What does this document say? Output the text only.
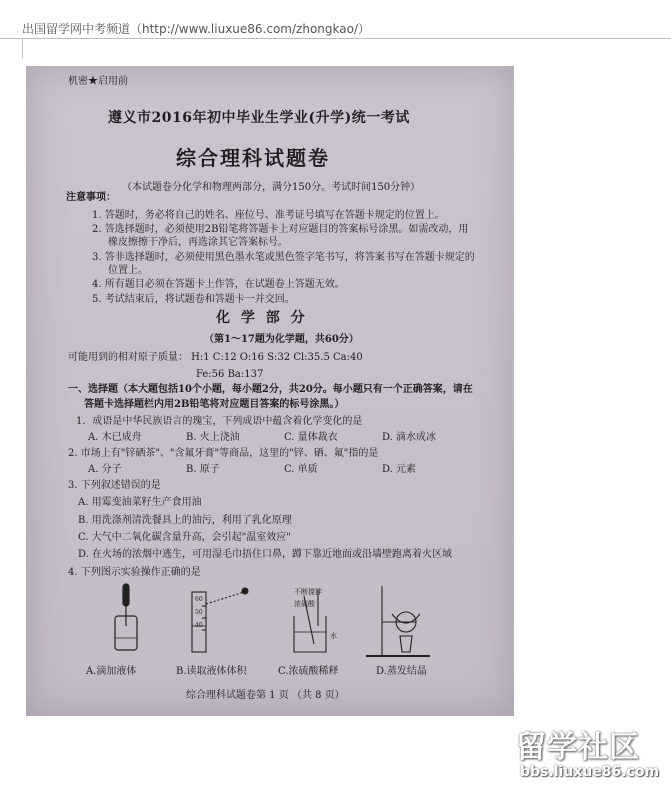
出国留学网中考频道（http://www.liuxue86.com/zhongkao/）
机密★启用前
遵义市2016年初中毕业生学业(升学)统一考试
综合理科试题卷
（本试题卷分化学和物理两部分，满分150分。考试时间150分钟）
注意事项：
1. 答题时，务必将自己的姓名、座位号、准考证号填写在答题卡规定的位置上。
2. 答选择题时，必须使用2B铅笔将答题卡上对应题目的答案标号涂黑。如需改动，用
橡皮擦擦干净后，再选涂其它答案标号。
3. 答非选择题时，必须使用黑色墨水笔或黑色签字笔书写，将答案书写在答题卡规定的
位置上。
4. 所有题目必须在答题卡上作答，在试题卷上答题无效。
5. 考试结束后，将试题卷和答题卡一并交回。
化 学 部 分
（第1～17题为化学题，共60分）
可能用到的相对原子质量： H:1 C:12 O:16 S:32 Cl:35.5 Ca:40
Fe:56 Ba:137
一、选择题（本大题包括10个小题，每小题2分，共20分。每小题只有一个正确答案，请在
答题卡选择题栏内用2B铅笔将对应题目答案的标号涂黑。）
1．成语是中华民族语言的瑰宝，下列成语中蕴含着化学变化的是
A. 木已成舟	B. 火上浇油	C. 量体裁衣	D. 滴水成冰
2. 市场上有"锌硒茶"、"含氟牙膏"等商品，这里的"锌、硒、氟"指的是
A. 分子	B. 原子	C. 单质	D. 元素
3. 下列叙述错误的是
A. 用霉变油菜籽生产食用油
B. 用洗涤剂清洗餐具上的油污，利用了乳化原理
C. 大气中二氧化碳含量升高，会引起"温室效应"
D. 在火场的浓烟中逃生，可用湿毛巾捂住口鼻，蹲下靠近地面或沿墙壁跑离着火区域
4. 下列图示实验操作正确的是
60
50
40
不断搅拌
浓硫酸
水
A.滴加液体	B.读取液体体积	C.浓硫酸稀释	D.蒸发结晶
综合理科试题卷第 1 页 （共 8 页）
留学社区
bbs.liuxue86.com
